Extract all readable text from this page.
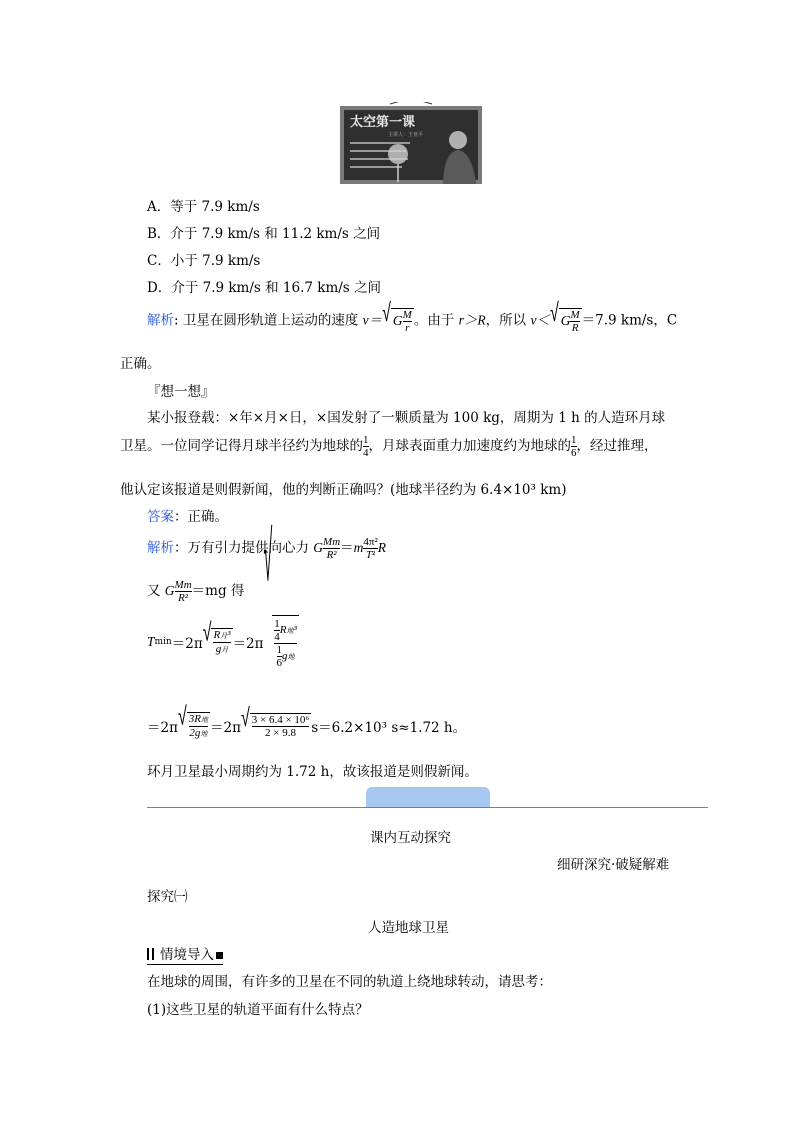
太空第一课
主讲人：王亚平
A．等于 7.9 km/s
B．介于 7.9 km/s 和 11.2 km/s 之间
C．小于 7.9 km/s
D．介于 7.9 km/s 和 16.7 km/s 之间
解析: 卫星在圆形轨道上运动的速度 v＝ √ G $\frac{M}{r}$ 。由于 r＞R，所以 v＜ √ G $\frac{M}{R} =7.9$ km/s，C
正确。
『想一想』
某小报登载：×年×月×日，×国发射了一颗质量为 100 kg，周期为 1 h 的人造环月球
卫星。一位同学记得月球半径约为地球的 $\frac{1}{4}$ ，月球表面重力加速度约为地球的 $\frac{1}{6}$ ，经过推理，
他认定该报道是则假新闻，他的判断正确吗？(地球半径约为 6.4×10³ km)
答案：正确。
解析：万有引力提供向心力 G $\frac{Mm}{\text{R²}} =m \frac{\text{4π²}}{\text{T²}}$ R
又 G $\frac{Mm}{\text{R²}} =mg$ 得
T min ＝2π √ $\frac{\text{R月³}}{\text{g月}} =2\pi$
√
$\frac{\frac{1}{4} R地^3}{\frac{1}{6} g地}$
＝2π √ $\frac{\text{3R地}}{\text{2g地}} =2\pi$ √ $\frac{\text{3 × 6.4 × 10⁶}}{2 \times 9.8} s=6.2\times 10^3$ s≈1.72 h。
环月卫星最小周期约为 1.72 h，故该报道是则假新闻。
课内互动探究
细研深究·破疑解难
探究㈠
人造地球卫星
情境导入
在地球的周围，有许多的卫星在不同的轨道上绕地球转动，请思考：
(1)这些卫星的轨道平面有什么特点？
